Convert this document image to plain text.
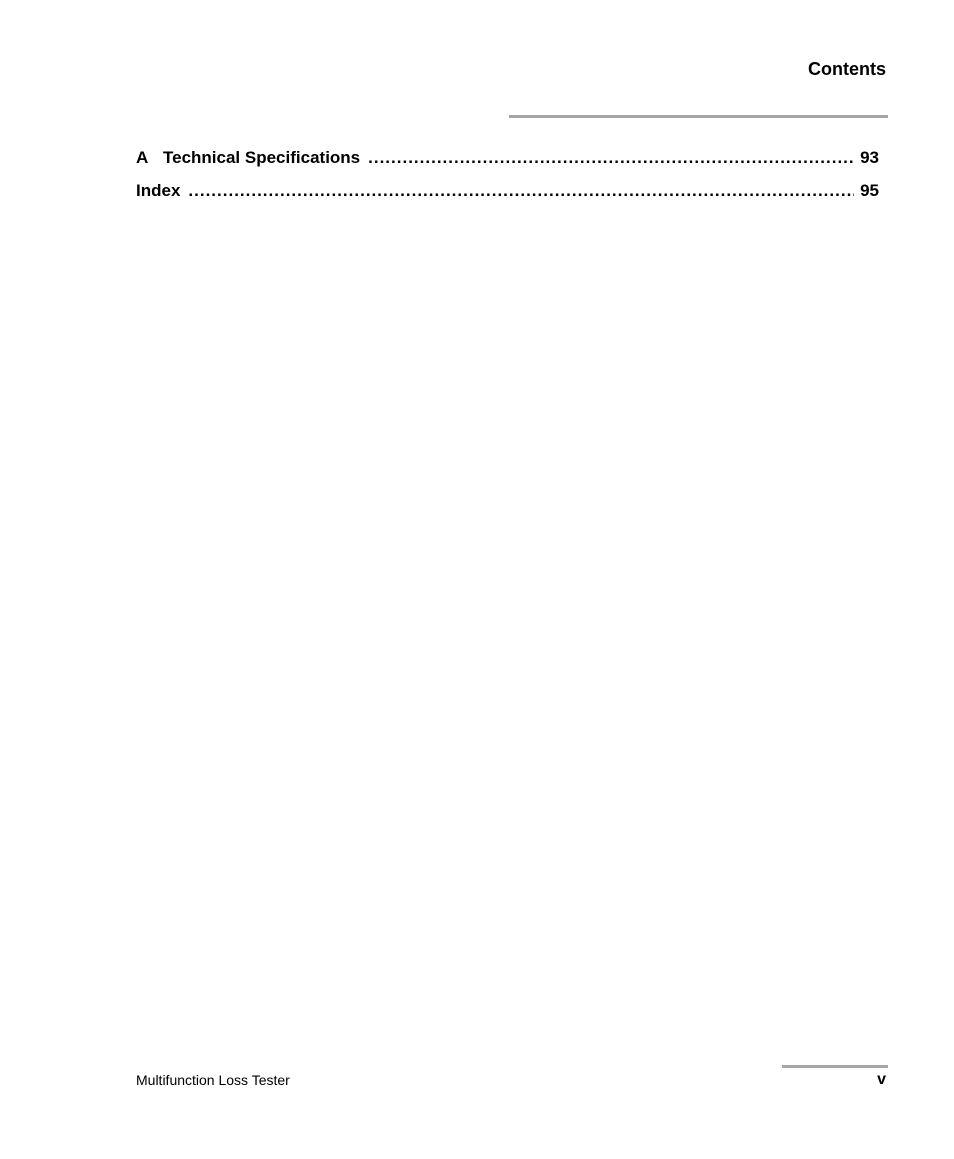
Contents
A Technical Specifications .....	93
Index .....	95
Multifunction Loss Tester	v
